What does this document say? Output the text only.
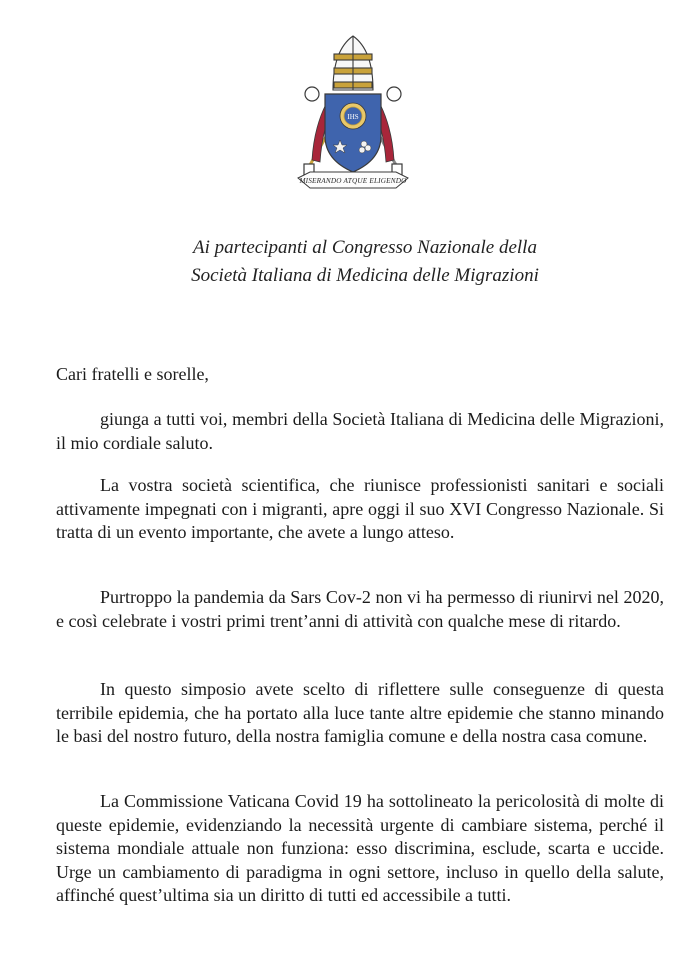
IHS
MISERANDO ATQUE ELIGENDO
Ai partecipanti al Congresso Nazionale della
Società Italiana di Medicina delle Migrazioni
Cari fratelli e sorelle,

giunga a tutti voi, membri della Società Italiana di Medicina delle Migrazioni, il mio cordiale saluto.

La vostra società scientifica, che riunisce professionisti sanitari e sociali attivamente impegnati con i migranti, apre oggi il suo XVI Congresso Nazionale. Si tratta di un evento importante, che avete a lungo atteso.

Purtroppo la pandemia da Sars Cov-2 non vi ha permesso di riunirvi nel 2020, e così celebrate i vostri primi trent’anni di attività con qualche mese di ritardo.

In questo simposio avete scelto di riflettere sulle conseguenze di questa terribile epidemia, che ha portato alla luce tante altre epidemie che stanno minando le basi del nostro futuro, della nostra famiglia comune e della nostra casa comune.

La Commissione Vaticana Covid 19 ha sottolineato la pericolosità di molte di queste epidemie, evidenziando la necessità urgente di cambiare sistema, perché il sistema mondiale attuale non funziona: esso discrimina, esclude, scarta e uccide. Urge un cambiamento di paradigma in ogni settore, incluso in quello della salute, affinché quest’ultima sia un diritto di tutti ed accessibile a tutti.
